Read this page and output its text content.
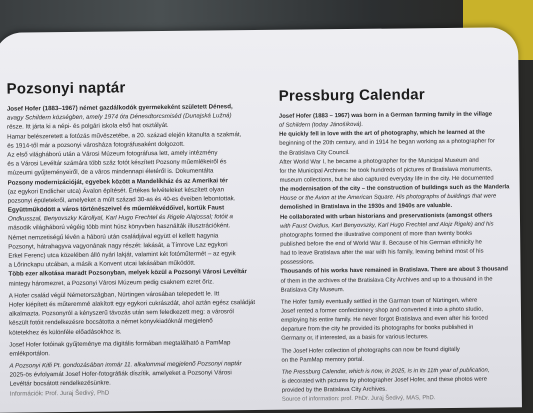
Pozsonyi naptár

Josef Hofer (1883–1967) német gazdálkodók gyermekeként született Dénesd,

avagy Schildern községben, amely 1974 óta Dénesdtorcsmiséd (Dunajská Lužná)

része. Itt járta ki a népi- és polgári iskola első hat osztályát.

Hamar belészeretett a fotózás művészetébe, a 20. század elején kitanulta a szakmát,

és 1914-től már a pozsonyi városháza fotográfusaként dolgozott.

Az első világháború után a Városi Múzeum fotográfusa lett, amely intézmény

és a Városi Levéltár számára több száz fotót készített Pozsony műemlékeiről és

múzeumi gyűjteményeiről, de a város mindennapi életéről is. Dokumentálta

Pozsony modernizációját, egyebek között a Mandelíkház és az Amerikai tér

(az egykori Endlicher utca) Ávalon építését. Értékes felvételeket készített olyan

pozsonyi épületekről, amelyeket a múlt század 30-as és 40-es éveiben lebontottak.

Együttműködött a város történészeivel és műemlékvédőivel, kortük Faust

Ondkusszal, Benyovszky Károllyal, Karl Hugo Frechtel és Rigele Alajossal; fotóit a

második világháború végéig több mint húsz könyvben használták illusztrációként.

Német nemzetiségű lévén a háború után családjával együtt el kellett hagynia

Pozsonyt, hátrahagyva vagyonának nagy részét: lakását, a Tímrove Laz egykori

Erkel Ferenc) utca közelében álló nyári lakját, valamint két fotóműtermét – az egyik

a Lőrinckapu utcában, a másik a Konvent utcai lakásában működött.

Több ezer alkotása maradt Pozsonyban, melyek közül a Pozsonyi Városi Levéltár

mintegy háromezret, a Pozsonyi Városi Múzeum pedig csaknem ezret őriz.

A Hofer család végül Németországban, Nürtingen városában telepedett le. Itt

Hofer kiépített és műteremmé alakított egy egykori cukrászdát, ahol aztán egész családját

alkalmazta. Pozsonyról a kényszerű távozás után sem feledkezett meg: a városról

készült fotóit rendelkezésre bocsátotta a német könyvkiadóknál megjelenő

kötetekhez és különféle előadásokhoz is.

Josef Hofer fotóinak gyűjteménye ma digitális formában megtalálható a PamMap

emlékportálon.

A Pozsonyi Kifli Pt. gondozásában immár 11. alkalommal megjelenő Pozsonyi naptár

2025-ös évfolyamát Josef Hofer-fotográfiák díszítik, amelyeket a Pozsonyi Városi

Levéltár bocsátott rendelkezésünkre.

Információk: Prof. Juraj Šedivý, PhD

Pressburg Calendar

Josef Hofer (1883 – 1967) was born in a German farming family in the village

of Schildern (today Jánošíková).

He quickly fell in love with the art of photography, which he learned at the

beginning of the 20th century, and in 1914 he began working as a photographer for

the Bratislava City Council.

After World War I, he became a photographer for the Municipal Museum and

for the Municipal Archives: he took hundreds of pictures of Bratislava monuments,

museum collections, but he also captured everyday life in the city. He documented

the modernisation of the city – the construction of buildings such as the Manderla

House or the Avion at the American Square. His photographs of buildings that were

demolished in Bratislava in the 1930s and 1940s are valuable.

He collaborated with urban historians and preservationists (amongst others

with Faust Ovidius, Karl Benyovszky, Karl Hugo Frechtel and Alojz Rigele) and his

photographs formed the illustrative component of more than twenty books

published before the end of World War II. Because of his German ethnicity he

had to leave Bratislava after the war with his family, leaving behind most of his

possessions.

Thousands of his works have remained in Bratislava. There are about 3 thousand

of them in the archives of the Bratislava City Archives and up to a thousand in the

Bratislava City Museum.

The Hofer family eventually settled in the Garman town of Nürtingen, where

Josef rented a former confectionery shop and converted it into a photo studio,

employing his entire family. He never forgot Bratislava and even after his forced

departure from the city he provided its photographs for books published in

Germany or, if interested, as a basis for various lectures.

The Josef Hofer collection of photographs can now be found digitally

on the PamMap memory portal.

The Pressburg Calendar, which is now, in 2025, is in its 11th year of publication,

is decorated with pictures by photographer Josef Hofer, and these photos were

provided by the Bratislava City Archives.

Source of information: prof. PhDr. Juraj Šedivý, MAS, PhD.
